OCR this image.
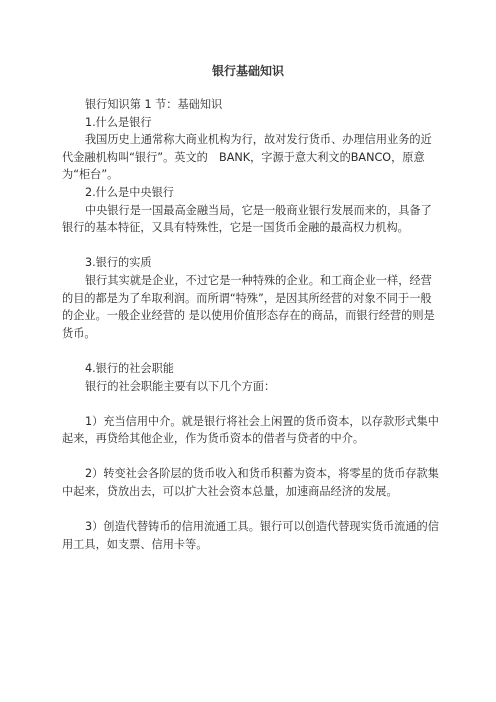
银行基础知识

银行知识第 1 节：基础知识

1.什么是银行

我国历史上通常称大商业机构为行，故对发行货币、办理信用业务的近代金融机构叫“银行”。英文的　BANK，字源于意大利文的BANCO，原意为“柜台”。

2.什么是中央银行

中央银行是一国最高金融当局，它是一般商业银行发展而来的，具备了银行的基本特征，又具有特殊性，它是一国货币金融的最高权力机构。

3.银行的实质

银行其实就是企业，不过它是一种特殊的企业。和工商企业一样，经营的目的都是为了牟取利润。而所谓“特殊”，是因其所经营的对象不同于一般的企业。一般企业经营的 是以使用价值形态存在的商品，而银行经营的则是货币。

4.银行的社会职能

银行的社会职能主要有以下几个方面：

1）充当信用中介。就是银行将社会上闲置的货币资本，以存款形式集中起来，再贷给其他企业，作为货币资本的借者与贷者的中介。

2）转变社会各阶层的货币收入和货币积蓄为资本，将零星的货币存款集中起来，贷放出去，可以扩大社会资本总量，加速商品经济的发展。

3）创造代替铸币的信用流通工具。银行可以创造代替现实货币流通的信用工具，如支票、信用卡等。
